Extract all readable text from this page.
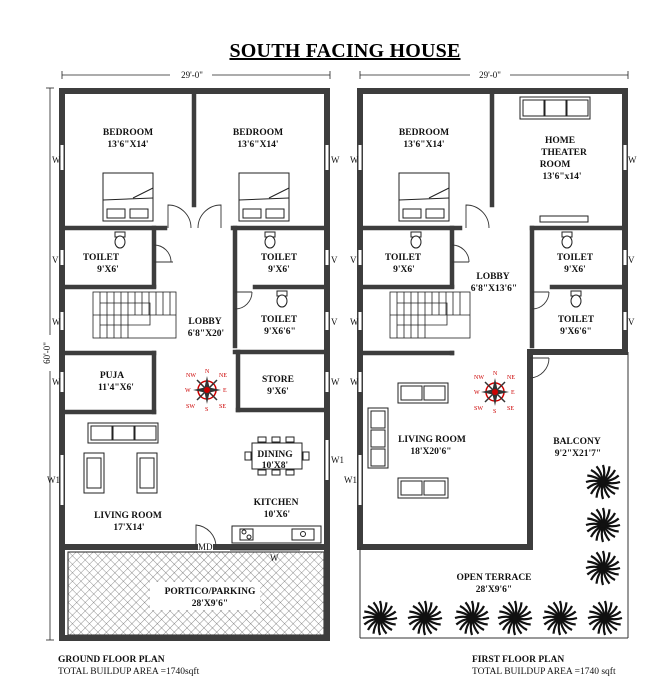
SOUTH FACING HOUSE
29'-0"	29'-0"
60'-0"
N
S
E
W
NE
NW
SE
SW
BEDROOM
13'6"X14'
BEDROOM
13'6"X14'
TOILET
9'X6'
TOILET
9'X6'
TOILET
9'X6'6"
LOBBY
6'8"X20'
PUJA
11'4"X6'
STORE
9'X6'
DINING
10'X8'
KITCHEN
10'X6'
LIVING ROOM
17'X14'
PORTICO/PARKING
28'X9'6"
MD
W
W	W
V	V
W	V
W	W
W1
W1
N
S
E
W
NE
NW
SE
SW
BEDROOM
13'6"X14'	HOME
THEATER
ROOM
13'6"x14'
TOILET
9'X6'
TOILET
9'X6'
TOILET
9'X6'6"
LOBBY
6'8"X13'6"
LIVING ROOM
18'X20'6"
BALCONY
9'2"X21'7"
OPEN TERRACE
28'X9'6"
W	W
V	V
W	V
W
W1
GROUND FLOOR PLAN
TOTAL BUILDUP AREA =1740sqft
FIRST FLOOR PLAN
TOTAL BUILDUP AREA =1740 sqft
